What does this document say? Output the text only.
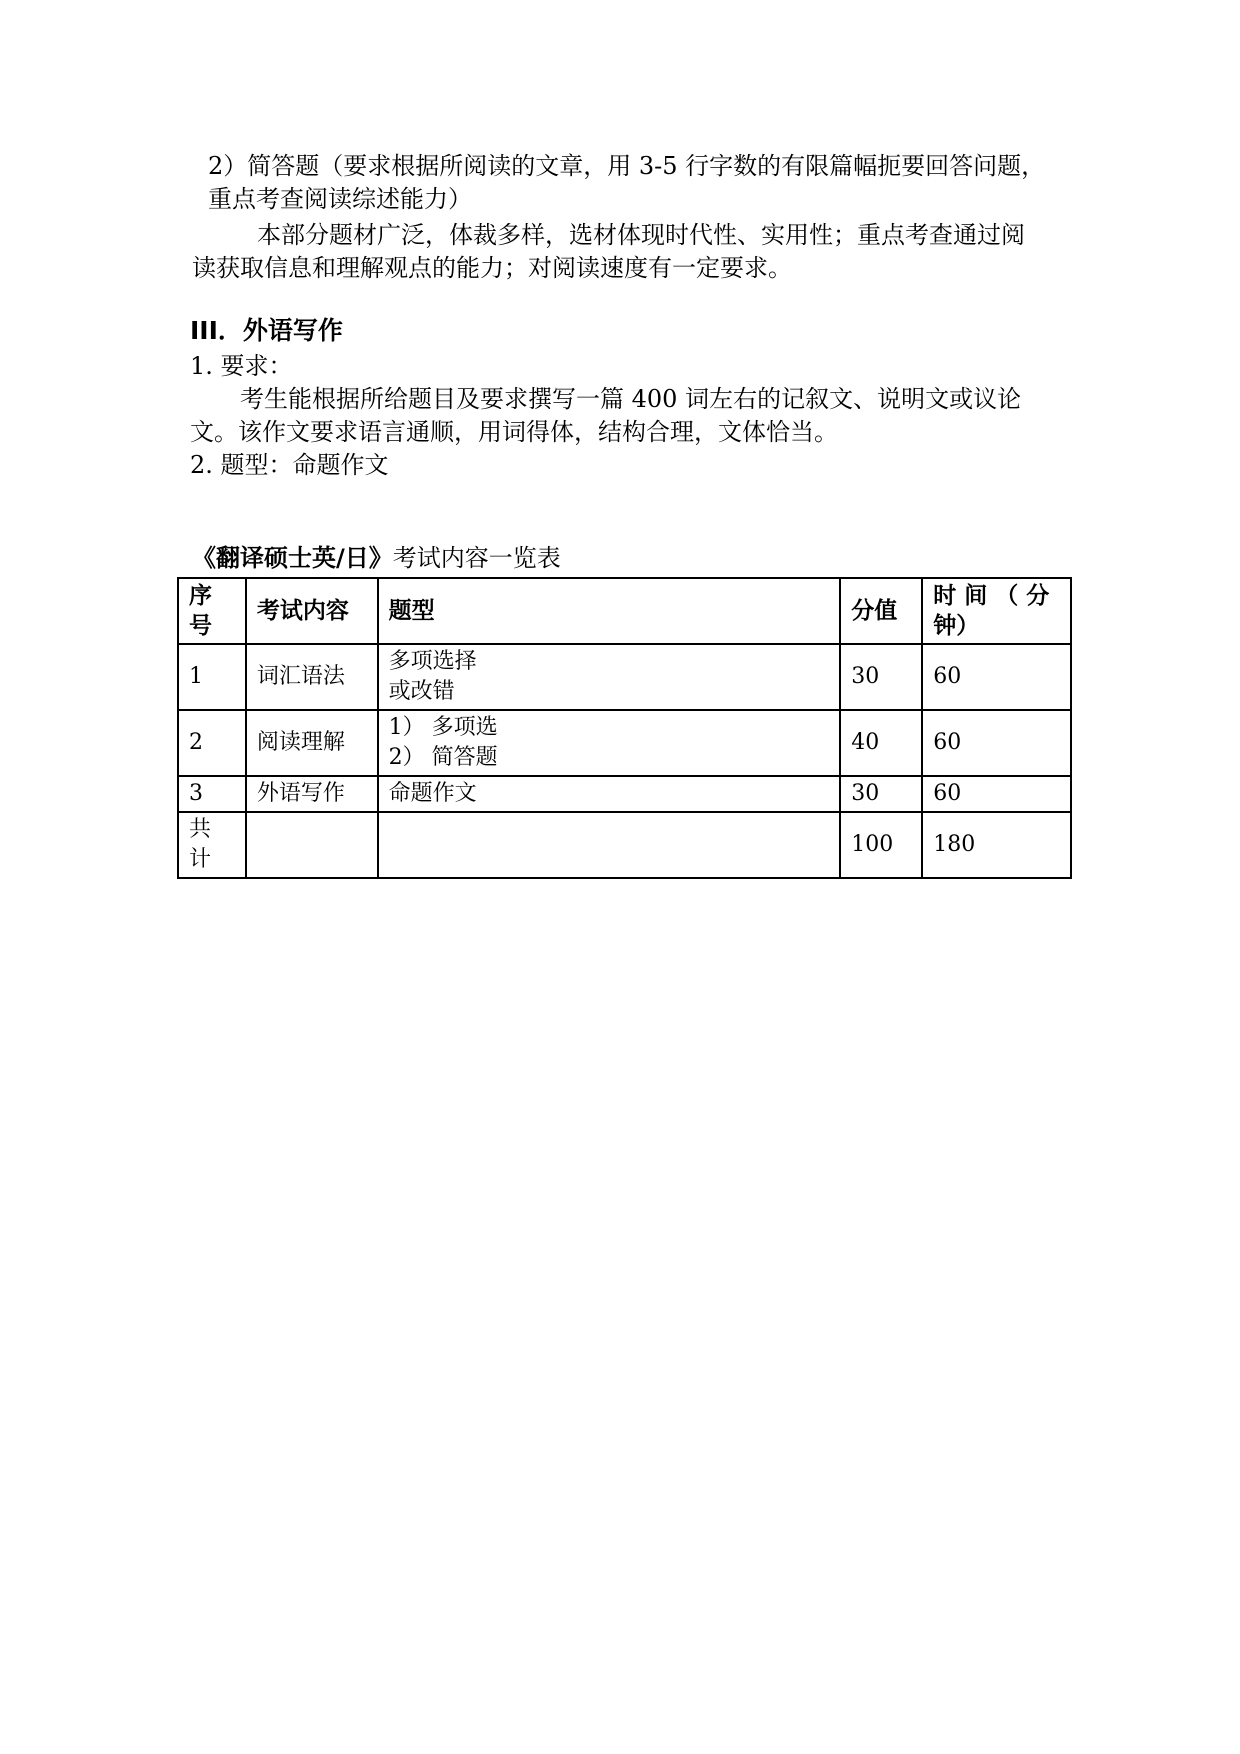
2）简答题（要求根据所阅读的文章，用 3-5 行字数的有限篇幅扼要回答问题，
重点考查阅读综述能力）
本部分题材广泛，体裁多样，选材体现时代性、实用性；重点考查通过阅
读获取信息和理解观点的能力；对阅读速度有一定要求。
III．外语写作
1. 要求：
考生能根据所给题目及要求撰写一篇 400 词左右的记叙文、说明文或议论
文。该作文要求语言通顺，用词得体，结构合理，文体恰当。
2. 题型：命题作文
《翻译硕士英/日》考试内容一览表
序
号	考试内容	题型	分值	时 间 （ 分
钟）

1	词汇语法	多项选择
或改错	30	60

2	阅读理解	1） 多项选
2） 简答题	40	60

3	外语写作	命题作文	30	60

共
计			100	180
